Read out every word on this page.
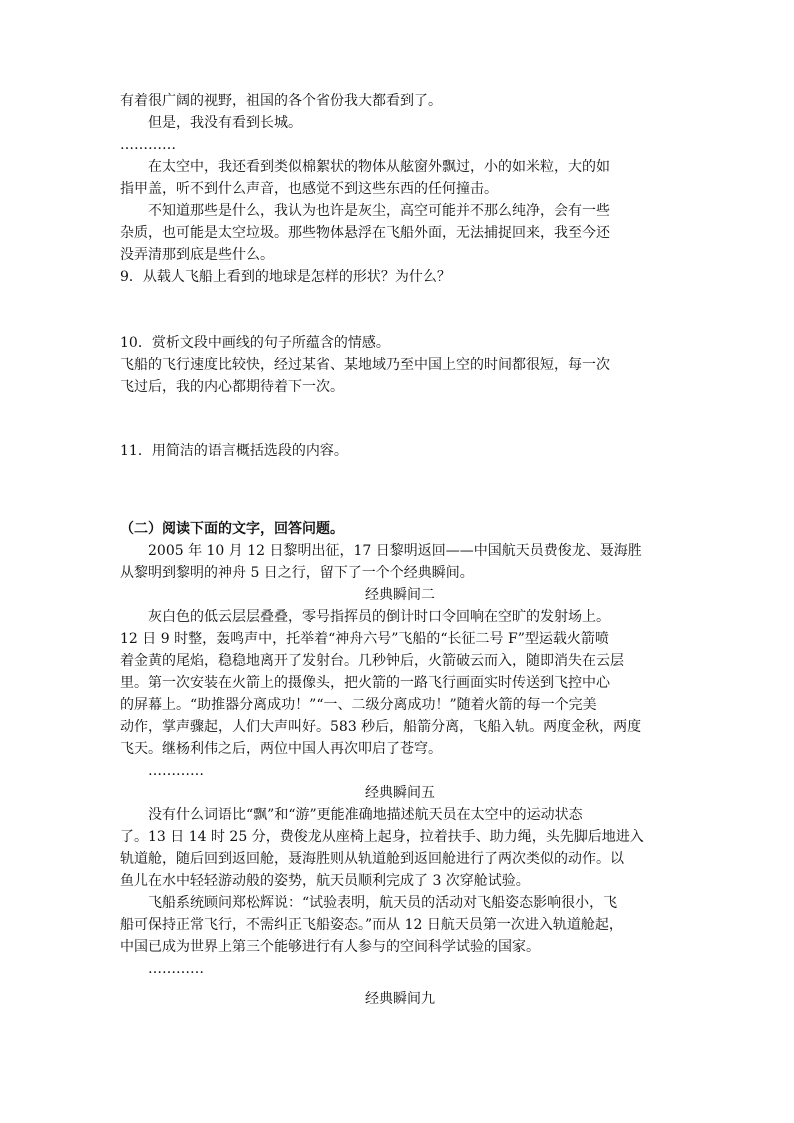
有着很广阔的视野，祖国的各个省份我大都看到了。
但是，我没有看到长城。
…………
在太空中，我还看到类似棉絮状的物体从舷窗外飘过，小的如米粒，大的如
指甲盖，听不到什么声音，也感觉不到这些东西的任何撞击。
不知道那些是什么，我认为也许是灰尘，高空可能并不那么纯净，会有一些
杂质，也可能是太空垃圾。那些物体悬浮在飞船外面，无法捕捉回来，我至今还
没弄清那到底是些什么。
9．从载人飞船上看到的地球是怎样的形状？为什么？
10．赏析文段中画线的句子所蕴含的情感。
飞船的飞行速度比较快，经过某省、某地域乃至中国上空的时间都很短，每一次
飞过后，我的内心都期待着下一次。
11．用简洁的语言概括选段的内容。
（二）阅读下面的文字，回答问题。
2005 年 10 月 12 日黎明出征，17 日黎明返回——中国航天员费俊龙、聂海胜
从黎明到黎明的神舟 5 日之行，留下了一个个经典瞬间。
经典瞬间二
灰白色的低云层层叠叠，零号指挥员的倒计时口令回响在空旷的发射场上。
12 日 9 时整，轰鸣声中，托举着“神舟六号”飞船的“长征二号 F”型运载火箭喷
着金黄的尾焰，稳稳地离开了发射台。几秒钟后，火箭破云而入，随即消失在云层
里。第一次安装在火箭上的摄像头，把火箭的一路飞行画面实时传送到飞控中心
的屏幕上。“助推器分离成功！”“一、二级分离成功！”随着火箭的每一个完美
动作，掌声骤起，人们大声叫好。583 秒后，船箭分离，飞船入轨。两度金秋，两度
飞天。继杨利伟之后，两位中国人再次叩启了苍穹。
…………
经典瞬间五
没有什么词语比“飘”和“游”更能准确地描述航天员在太空中的运动状态
了。13 日 14 时 25 分，费俊龙从座椅上起身，拉着扶手、助力绳，头先脚后地进入
轨道舱，随后回到返回舱，聂海胜则从轨道舱到返回舱进行了两次类似的动作。以
鱼儿在水中轻轻游动般的姿势，航天员顺利完成了 3 次穿舱试验。
飞船系统顾问郑松辉说：“试验表明，航天员的活动对飞船姿态影响很小，飞
船可保持正常飞行，不需纠正飞船姿态。”而从 12 日航天员第一次进入轨道舱起，
中国已成为世界上第三个能够进行有人参与的空间科学试验的国家。
…………
经典瞬间九
